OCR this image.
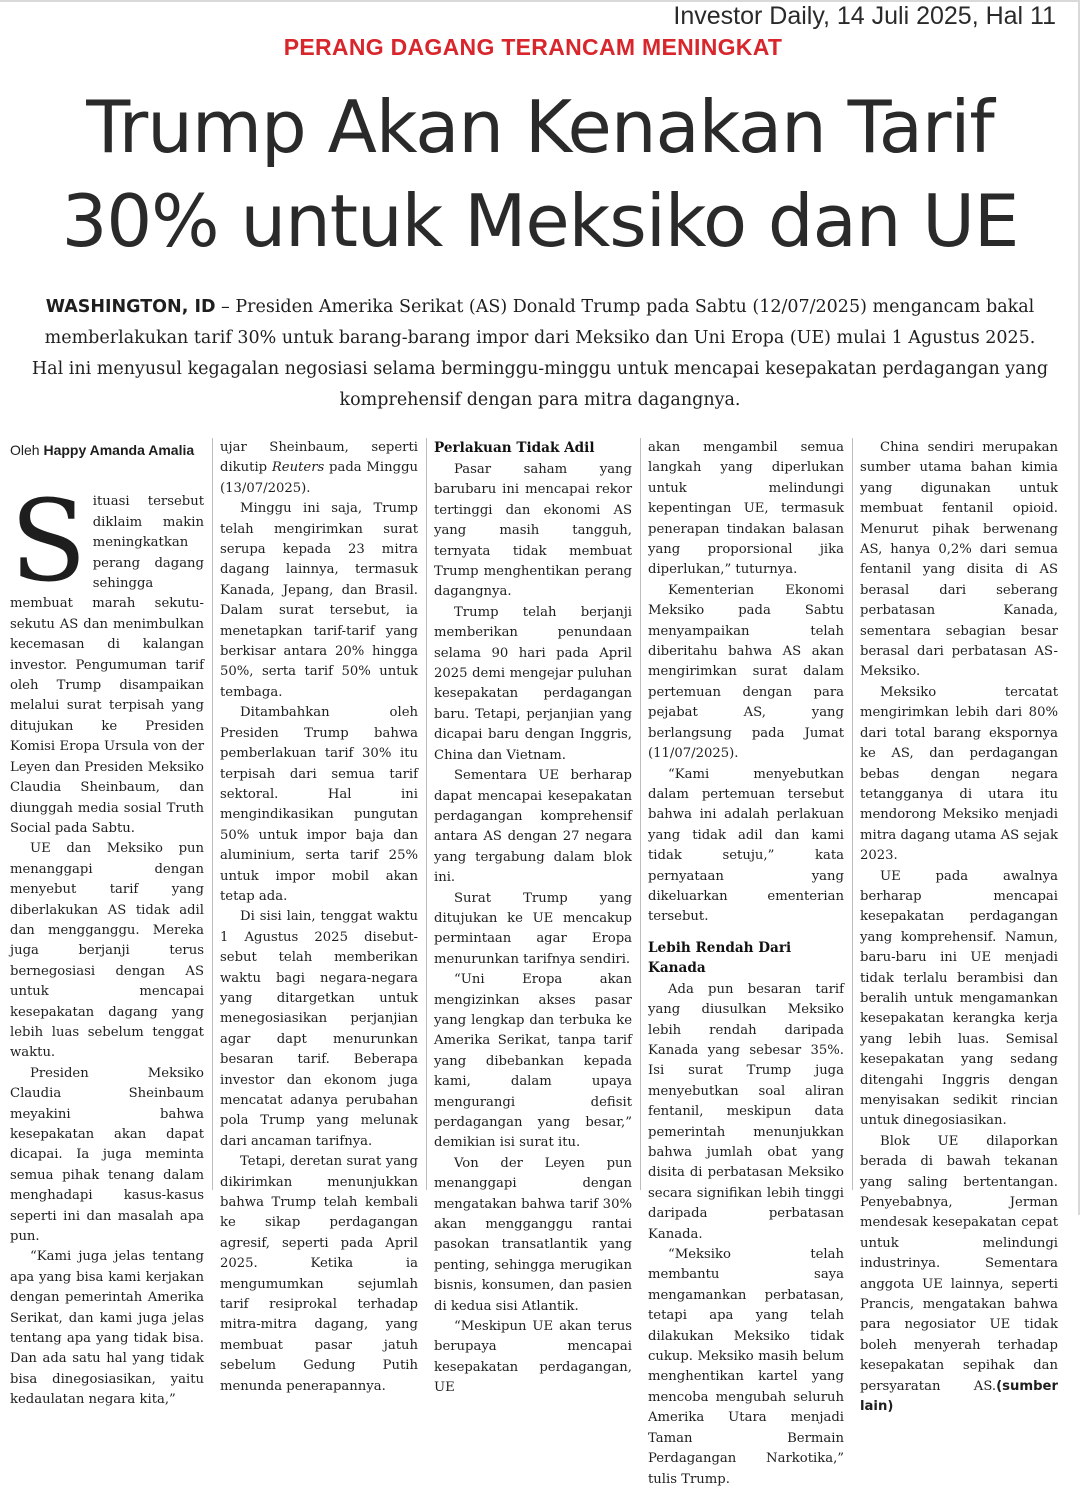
Investor Daily, 14 Juli 2025, Hal 11
PERANG DAGANG TERANCAM MENINGKAT
Trump Akan Kenakan Tarif
30% untuk Meksiko dan UE

WASHINGTON, ID – Presiden Amerika Serikat (AS) Donald Trump pada Sabtu (12/07/2025) mengancam bakal memberlakukan tarif 30% untuk barang-barang impor dari Meksiko dan Uni Eropa (UE) mulai 1 Agustus 2025. Hal ini menyusul kegagalan negosiasi selama berminggu-minggu untuk mencapai kesepakatan perdagangan yang komprehensif dengan para mitra dagangnya.

Oleh Happy Amanda Amalia

Situasi tersebut diklaim makin meningkatkan perang dagang sehingga membuat marah sekutu-sekutu AS dan menimbulkan kecemasan di kalangan investor. Pengumuman tarif oleh Trump disampaikan melalui surat terpisah yang ditujukan ke Presiden Komisi Eropa Ursula von der Leyen dan Presiden Meksiko Claudia Sheinbaum, dan diunggah media sosial Truth Social pada Sabtu.

UE dan Meksiko pun menanggapi dengan menyebut tarif yang diberlakukan AS tidak adil dan mengganggu. Mereka juga berjanji terus bernegosiasi dengan AS untuk mencapai kesepakatan dagang yang lebih luas sebelum tenggat waktu.

Presiden Meksiko Claudia Sheinbaum meyakini bahwa kesepakatan akan dapat dicapai. Ia juga meminta semua pihak tenang dalam menghadapi kasus-kasus seperti ini dan masalah apa pun.

“Kami juga jelas tentang apa yang bisa kami kerjakan dengan pemerintah Amerika Serikat, dan kami juga jelas tentang apa yang tidak bisa. Dan ada satu hal yang tidak bisa dinegosiasikan, yaitu kedaulatan negara kita,”

ujar Sheinbaum, seperti dikutip Reuters pada Minggu (13/07/2025).

Minggu ini saja, Trump telah mengirimkan surat serupa kepada 23 mitra dagang lainnya, termasuk Kanada, Jepang, dan Brasil. Dalam surat tersebut, ia menetapkan tarif-tarif yang berkisar antara 20% hingga 50%, serta tarif 50% untuk tembaga.

Ditambahkan oleh Presiden Trump bahwa pemberlakuan tarif 30% itu terpisah dari semua tarif sektoral. Hal ini mengindikasikan pungutan 50% untuk impor baja dan aluminium, serta tarif 25% untuk impor mobil akan tetap ada.

Di sisi lain, tenggat waktu 1 Agustus 2025 disebut-sebut telah memberikan waktu bagi negara-negara yang ditargetkan untuk menegosiasikan perjanjian agar dapt menurunkan besaran tarif. Beberapa investor dan ekonom juga mencatat adanya perubahan pola Trump yang melunak dari ancaman tarifnya.

Tetapi, deretan surat yang dikirimkan menunjukkan bahwa Trump telah kembali ke sikap perdagangan agresif, seperti pada April 2025. Ketika ia mengumumkan sejumlah tarif resiprokal terhadap mitra-mitra dagang, yang membuat pasar jatuh sebelum Gedung Putih menunda penerapannya.

Perlakuan Tidak Adil

Pasar saham yang barubaru ini mencapai rekor tertinggi dan ekonomi AS yang masih tangguh, ternyata tidak membuat Trump menghentikan perang dagangnya.

Trump telah berjanji memberikan penundaan selama 90 hari pada April 2025 demi mengejar puluhan kesepakatan perdagangan baru. Tetapi, perjanjian yang dicapai baru dengan Inggris, China dan Vietnam.

Sementara UE berharap dapat mencapai kesepakatan perdagangan komprehensif antara AS dengan 27 negara yang tergabung dalam blok ini.

Surat Trump yang ditujukan ke UE mencakup permintaan agar Eropa menurunkan tarifnya sendiri.

“Uni Eropa akan mengizinkan akses pasar yang lengkap dan terbuka ke Amerika Serikat, tanpa tarif yang dibebankan kepada kami, dalam upaya mengurangi defisit perdagangan yang besar,” demikian isi surat itu.

Von der Leyen pun menanggapi dengan mengatakan bahwa tarif 30% akan mengganggu rantai pasokan transatlantik yang penting, sehingga merugikan bisnis, konsumen, dan pasien di kedua sisi Atlantik.

“Meskipun UE akan terus berupaya mencapai kesepakatan perdagangan, UE

akan mengambil semua langkah yang diperlukan untuk melindungi kepentingan UE, termasuk penerapan tindakan balasan yang proporsional jika diperlukan,” tuturnya.

Kementerian Ekonomi Meksiko pada Sabtu menyampaikan telah diberitahu bahwa AS akan mengirimkan surat dalam pertemuan dengan para pejabat AS, yang berlangsung pada Jumat (11/07/2025).

“Kami menyebutkan dalam pertemuan tersebut bahwa ini adalah perlakuan yang tidak adil dan kami tidak setuju,” kata pernyataan yang dikeluarkan ementerian tersebut.

Lebih Rendah Dari Kanada

Ada pun besaran tarif yang diusulkan Meksiko lebih rendah daripada Kanada yang sebesar 35%. Isi surat Trump juga menyebutkan soal aliran fentanil, meskipun data pemerintah menunjukkan bahwa jumlah obat yang disita di perbatasan Meksiko secara signifikan lebih tinggi daripada perbatasan Kanada.

“Meksiko telah membantu saya mengamankan perbatasan, tetapi apa yang telah dilakukan Meksiko tidak cukup. Meksiko masih belum menghentikan kartel yang mencoba mengubah seluruh Amerika Utara menjadi Taman Bermain Perdagangan Narkotika,” tulis Trump.

China sendiri merupakan sumber utama bahan kimia yang digunakan untuk membuat fentanil opioid. Menurut pihak berwenang AS, hanya 0,2% dari semua fentanil yang disita di AS berasal dari seberang perbatasan Kanada, sementara sebagian besar berasal dari perbatasan AS-Meksiko.

Meksiko tercatat mengirimkan lebih dari 80% dari total barang ekspornya ke AS, dan perdagangan bebas dengan negara tetangganya di utara itu mendorong Meksiko menjadi mitra dagang utama AS sejak 2023.

UE pada awalnya berharap mencapai kesepakatan perdagangan yang komprehensif. Namun, baru-baru ini UE menjadi tidak terlalu berambisi dan beralih untuk mengamankan kesepakatan kerangka kerja yang lebih luas. Semisal kesepakatan yang sedang ditengahi Inggris dengan menyisakan sedikit rincian untuk dinegosiasikan.

Blok UE dilaporkan berada di bawah tekanan yang saling bertentangan. Penyebabnya, Jerman mendesak kesepakatan cepat untuk melindungi industrinya. Sementara anggota UE lainnya, seperti Prancis, mengatakan bahwa para negosiator UE tidak boleh menyerah terhadap kesepakatan sepihak dan persyaratan AS.(sumber lain)
